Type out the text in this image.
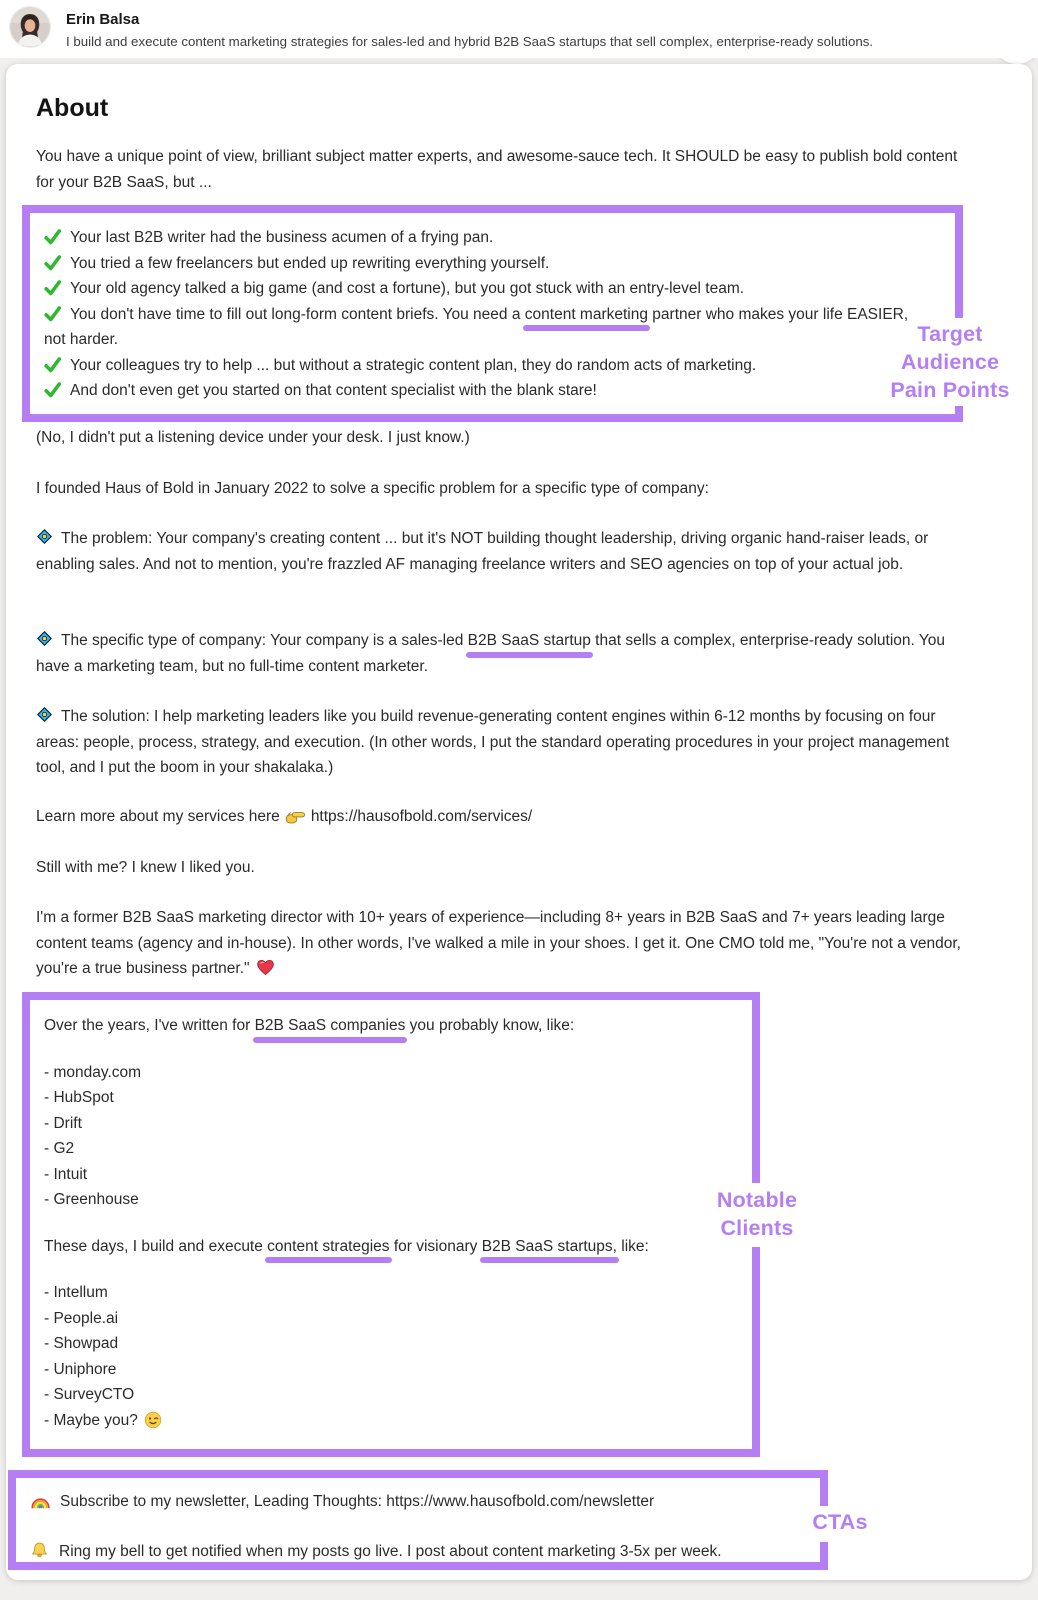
Erin Balsa
I build and execute content marketing strategies for sales-led and hybrid B2B SaaS startups that sell complex, enterprise-ready solutions.
About

You have a unique point of view, brilliant subject matter experts, and awesome-sauce tech. It SHOULD be easy to publish bold content for your B2B SaaS, but ...

Your last B2B writer had the business acumen of a frying pan.
You tried a few freelancers but ended up rewriting everything yourself.
Your old agency talked a big game (and cost a fortune), but you got stuck with an entry-level team.
You don't have time to fill out long-form content briefs. You need a content marketing partner who makes your life EASIER, not harder.
Your colleagues try to help ... but without a strategic content plan, they do random acts of marketing.
And don't even get you started on that content specialist with the blank stare!
Target Audience Pain Points

(No, I didn't put a listening device under your desk. I just know.)

I founded Haus of Bold in January 2022 to solve a specific problem for a specific type of company:

The problem: Your company's creating content ... but it's NOT building thought leadership, driving organic hand-raiser leads, or enabling sales. And not to mention, you're frazzled AF managing freelance writers and SEO agencies on top of your actual job.

The specific type of company: Your company is a sales-led B2B SaaS startup that sells a complex, enterprise-ready solution. You have a marketing team, but no full-time content marketer.

The solution: I help marketing leaders like you build revenue-generating content engines within 6-12 months by focusing on four areas: people, process, strategy, and execution. (In other words, I put the standard operating procedures in your project management tool, and I put the boom in your shakalaka.)

Learn more about my services here https://hausofbold.com/services/

Still with me? I knew I liked you.

I'm a former B2B SaaS marketing director with 10+ years of experience—including 8+ years in B2B SaaS and 7+ years leading large content teams (agency and in-house). In other words, I've walked a mile in your shoes. I get it. One CMO told me, "You're not a vendor, you're a true business partner."

Over the years, I've written for B2B SaaS companies you probably know, like:
- monday.com
- HubSpot
- Drift
- G2
- Intuit
- Greenhouse
These days, I build and execute content strategies for visionary B2B SaaS startups, like:
- Intellum
- People.ai
- Showpad
- Uniphore
- SurveyCTO
- Maybe you?
Notable Clients
Subscribe to my newsletter, Leading Thoughts: https://www.hausofbold.com/newsletter
Ring my bell to get notified when my posts go live. I post about content marketing 3-5x per week.
CTAs
